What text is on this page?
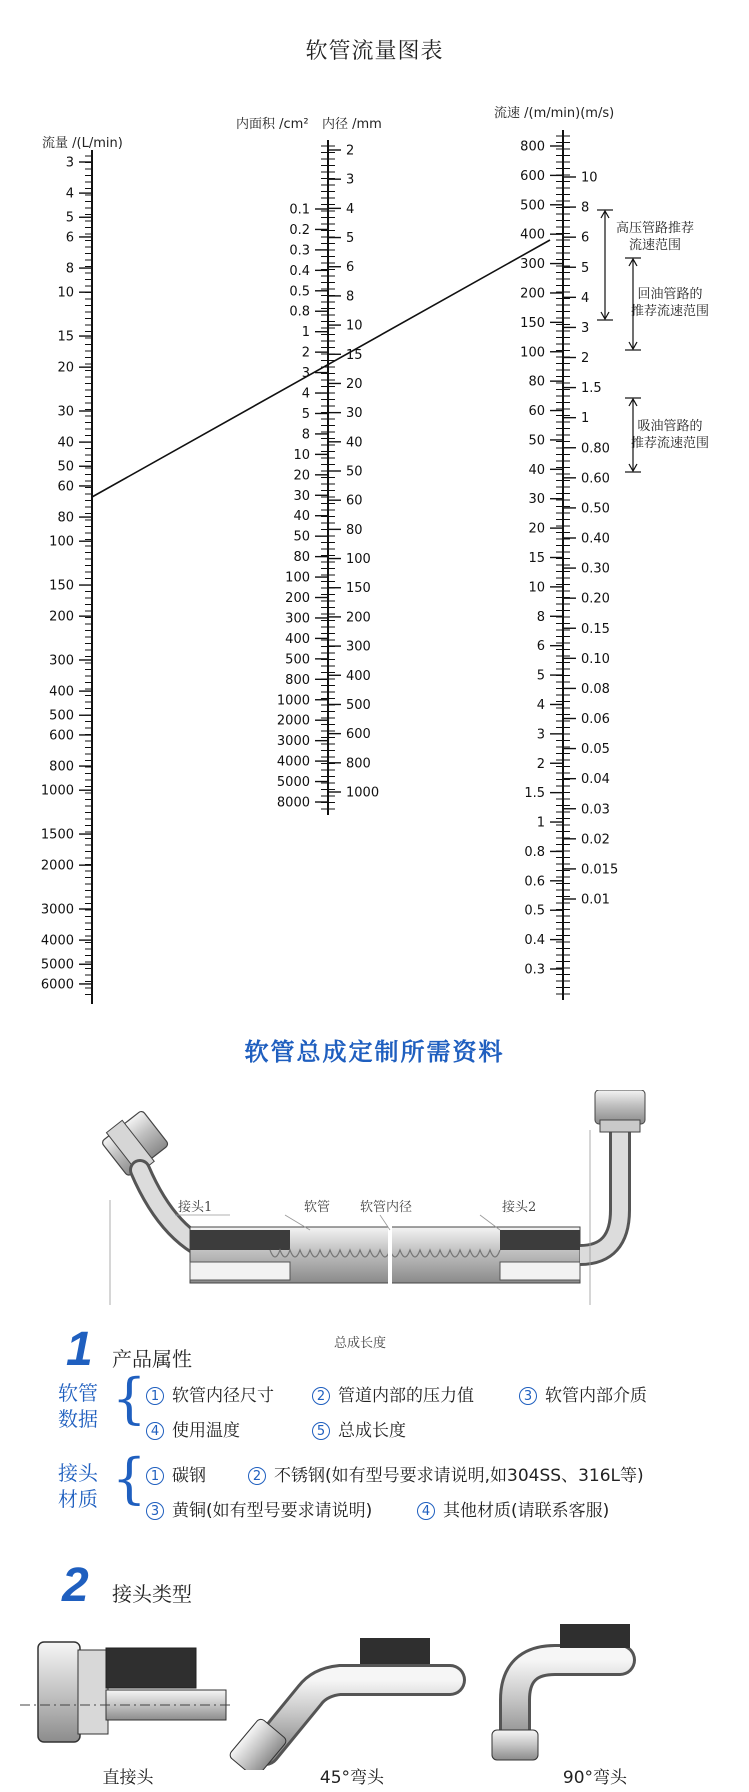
软管流量图表
3
4
5
6
8
10
15
20
30
40
50
60
80
100
150
200
300
400
500
600
800
1000
1500
2000
3000
4000
5000
6000
0.1
0.2
0.3
0.4
0.5
0.8
1
2
3
4
5
8
10
20
30
40
50
80
100
200
300
400
500
800
1000
2000
3000
4000
5000
8000
2
3
4
5
6
8
10
15
20
30
40
50
60
80
100
150
200
300
400
500
600
800
1000
800
600
500
400
300
200
150
100
80
60
50
40
30
20
15
10
8
6
5
4
3
2
1.5
1
0.8
0.6
0.5
0.4
0.3
10
8
6
5
4
3
2
1.5
1
0.80
0.60
0.50
0.40
0.30
0.20
0.15
0.10
0.08
0.06
0.05
0.04
0.03
0.02
0.015
0.01
流量 /(L/min)
内面积 /cm² 内径 /mm
流速 /(m/min)(m/s)
高压管路推荐
流速范围
回油管路的
推荐流速范围
吸油管路的
推荐流速范围
软管总成定制所需资料
接头1	软管 软管内径	接头2
总成长度
1 产品属性
软管
数据 { 1 软管内径尺寸	2 管道内部的压力值	3 软管内部介质
4 使用温度	5 总成长度
接头
材质 { 1 碳钢	2 不锈钢(如有型号要求请说明,如304SS、316L等)
3 黄铜(如有型号要求请说明)	4 其他材质(请联系客服)
2 接头类型
直接头	45°弯头	90°弯头
